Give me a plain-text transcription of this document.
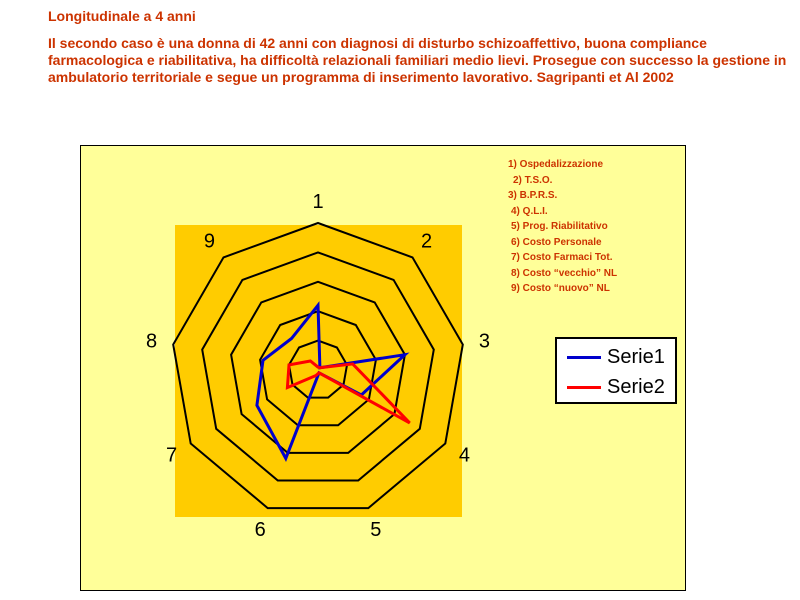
Longitudinale a 4 anni
Il secondo caso è una donna di 42 anni con diagnosi di disturbo schizoaffettivo, buona compliance farmacologica e riabilitativa, ha difficoltà relazionali familiari medio lievi. Prosegue con successo la gestione in ambulatorio territoriale e segue un programma di inserimento lavorativo. Sagripanti et Al 2002
1
2
3
4
5
6
7
8
9
1) Ospedalizzazione
2) T.S.O.
3) B.P.R.S.
4) Q.L.I.
5) Prog. Riabilitativo
6) Costo Personale
7) Costo Farmaci Tot.
8) Costo “vecchio” NL
9) Costo “nuovo” NL
Serie1
Serie2
